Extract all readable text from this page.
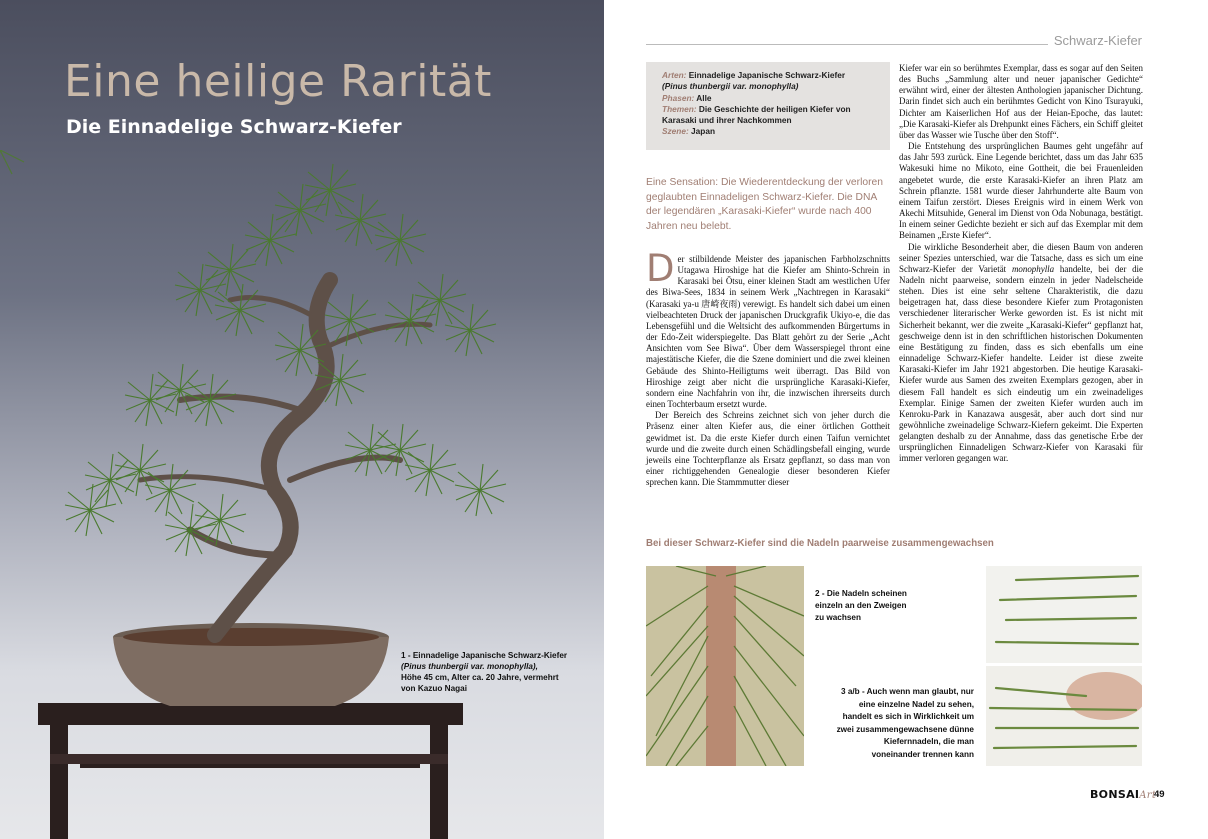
Eine heilige Rarität
Die Einnadelige Schwarz-Kiefer
1 - Einnadelige Japanische Schwarz-Kiefer
(Pinus thunbergii var. monophylla),
Höhe 45 cm, Alter ca. 20 Jahre, vermehrt
von Kazuo Nagai
Schwarz-Kiefer
Arten: Einnadelige Japanische Schwarz-Kiefer
(Pinus thunbergii var. monophylla)
Phasen: Alle
Themen: Die Geschichte der heiligen Kiefer von Karasaki und ihrer Nachkommen
Szene: Japan

Eine Sensation: Die Wiederentdeckung der verloren geglaubten Einnadeligen Schwarz-Kiefer. Die DNA der legendären „Karasaki-Kiefer“ wurde nach 400 Jahren neu belebt.

D er stilbildende Meister des japanischen Farbholzschnitts Utagawa Hiroshige hat die Kiefer am Shinto-Schrein in Karasaki bei Ōtsu, einer kleinen Stadt am westlichen Ufer des Biwa-Sees, 1834 in seinem Werk „Nachtregen in Karasaki“ (Karasaki ya-u 唐崎夜雨) verewigt. Es handelt sich dabei um einen vielbeachteten Druck der japanischen Druckgrafik Ukiyo-e, die das Lebensgefühl und die Weltsicht des aufkommenden Bürgertums in der Edo-Zeit widerspiegelte. Das Blatt gehört zu der Serie „Acht Ansichten vom See Biwa“. Über dem Wasserspiegel thront eine majestätische Kiefer, die die Szene dominiert und die zwei kleinen Gebäude des Shinto-Heiligtums weit überragt. Das Bild von Hiroshige zeigt aber nicht die ursprüngliche Karasaki-Kiefer, sondern eine Nachfahrin von ihr, die inzwischen ihrerseits durch einen Tochterbaum ersetzt wurde.

Der Bereich des Schreins zeichnet sich von jeher durch die Präsenz einer alten Kiefer aus, die einer örtlichen Gottheit gewidmet ist. Da die erste Kiefer durch einen Taifun vernichtet wurde und die zweite durch einen Schädlingsbefall einging, wurde jeweils eine Tochterpflanze als Ersatz gepflanzt, so dass man von einer richtiggehenden Genealogie dieser besonderen Kiefer sprechen kann. Die Stammmutter dieser

Kiefer war ein so berühmtes Exemplar, dass es sogar auf den Seiten des Buchs „Sammlung alter und neuer japanischer Gedichte“ erwähnt wird, einer der ältesten Anthologien japanischer Dichtung. Darin findet sich auch ein berühmtes Gedicht von Kino Tsurayuki, Dichter am Kaiserlichen Hof aus der Heian-Epoche, das lautet: „Die Karasaki-Kiefer als Drehpunkt eines Fächers, ein Schiff gleitet über das Wasser wie Tusche über den Stoff“.

Die Entstehung des ursprünglichen Baumes geht ungefähr auf das Jahr 593 zurück. Eine Legende berichtet, dass um das Jahr 635 Wakesuki hime no Mikoto, eine Gottheit, die bei Frauenleiden angebetet wurde, die erste Karasaki-Kiefer an ihren Platz am Schrein pflanzte. 1581 wurde dieser Jahrhunderte alte Baum von einem Taifun zerstört. Dieses Ereignis wird in einem Werk von Akechi Mitsuhide, General im Dienst von Oda Nobunaga, bestätigt. In einem seiner Gedichte bezieht er sich auf das Exemplar mit dem Beinamen „Erste Kiefer“.

Die wirkliche Besonderheit aber, die diesen Baum von anderen seiner Spezies unterschied, war die Tatsache, dass es sich um eine Schwarz-Kiefer der Varietät monophylla handelte, bei der die Nadeln nicht paarweise, sondern einzeln in jeder Nadelscheide stehen. Dies ist eine sehr seltene Charakteristik, die dazu beigetragen hat, dass diese besondere Kiefer zum Protagonisten verschiedener literarischer Werke geworden ist. Es ist nicht mit Sicherheit bekannt, wer die zweite „Karasaki-Kiefer“ gepflanzt hat, geschweige denn ist in den schriftlichen historischen Dokumenten eine Bestätigung zu finden, dass es sich ebenfalls um eine einnadelige Schwarz-Kiefer handelte. Leider ist diese zweite Karasaki-Kiefer im Jahr 1921 abgestorben. Die heutige Karasaki-Kiefer wurde aus Samen des zweiten Exemplars gezogen, aber in diesem Fall handelt es sich eindeutig um ein zweinadeliges Exemplar. Einige Samen der zweiten Kiefer wurden auch im Kenroku-Park in Kanazawa ausgesät, aber auch dort sind nur gewöhnliche zweinadelige Schwarz-Kiefern gekeimt. Die Experten gelangten deshalb zu der Annahme, dass das genetische Erbe der ursprünglichen Einnadeligen Schwarz-Kiefer von Karasaki für immer verloren gegangen war.

Bei dieser Schwarz-Kiefer sind die Nadeln paarweise zusammengewachsen
2 - Die Nadeln scheinen einzeln an den Zweigen zu wachsen
3 a/b - Auch wenn man glaubt, nur eine einzelne Nadel zu sehen, handelt es sich in Wirklichkeit um zwei zusammengewachsene dünne Kiefernnadeln, die man voneinander trennen kann
BONSAIArt
49
